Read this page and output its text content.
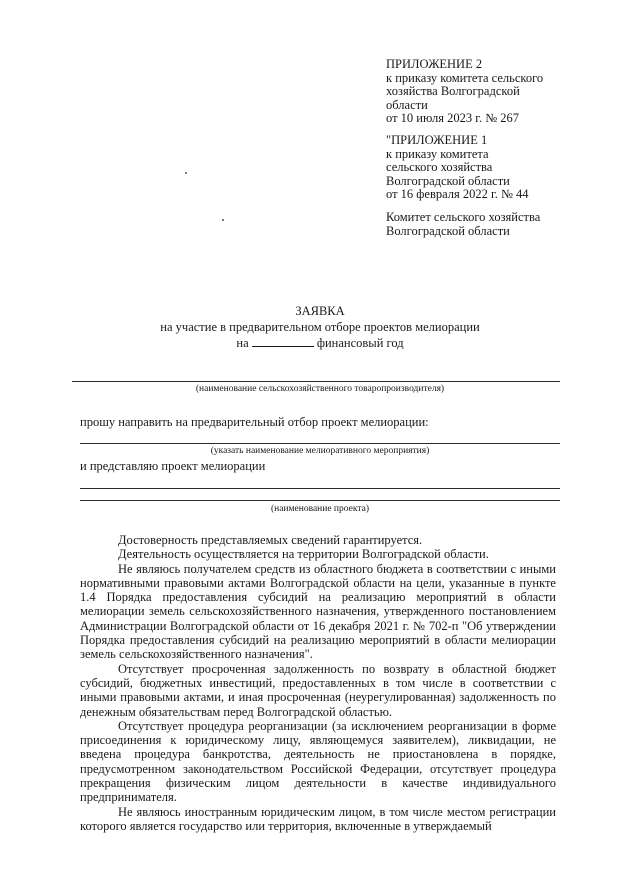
ПРИЛОЖЕНИЕ 2
к приказу комитета сельского
хозяйства Волгоградской
области
от 10 июля 2023 г. № 267
"ПРИЛОЖЕНИЕ 1
к приказу комитета
сельского хозяйства
Волгоградской области
от 16 февраля 2022 г. № 44
Комитет сельского хозяйства
Волгоградской области
ЗАЯВКА
на участие в предварительном отборе проектов мелиорации
на	финансовый год
(наименование сельскохозяйственного товаропроизводителя)
прошу направить на предварительный отбор проект мелиорации:
(указать наименование мелиоративного мероприятия)
и представляю проект мелиорации
(наименование проекта)

Достоверность представляемых сведений гарантируется.

Деятельность осуществляется на территории Волгоградской области.

Не являюсь получателем средств из областного бюджета в соответствии с иными нормативными правовыми актами Волгоградской области на цели, указанные в пункте 1.4 Порядка предоставления субсидий на реализацию мероприятий в области мелиорации земель сельскохозяйственного назначения, утвержденного постановлением Администрации Волгоградской области от 16 декабря 2021 г. № 702-п "Об утверждении Порядка предоставления субсидий на реализацию мероприятий в области мелиорации земель сельскохозяйственного назначения".

Отсутствует просроченная задолженность по возврату в областной бюджет субсидий, бюджетных инвестиций, предоставленных в том числе в соответствии с иными правовыми актами, и иная просроченная (неурегулированная) задолженность по денежным обязательствам перед Волгоградской областью.

Отсутствует процедура реорганизации (за исключением реорганизации в форме присоединения к юридическому лицу, являющемуся заявителем), ликвидации, не введена процедура банкротства, деятельность не приостановлена в порядке, предусмотренном законодательством Российской Федерации, отсутствует процедура прекращения физическим лицом деятельности в качестве индивидуального предпринимателя.

Не являюсь иностранным юридическим лицом, в том числе местом регистрации которого является государство или территория, включенные в утверждаемый
